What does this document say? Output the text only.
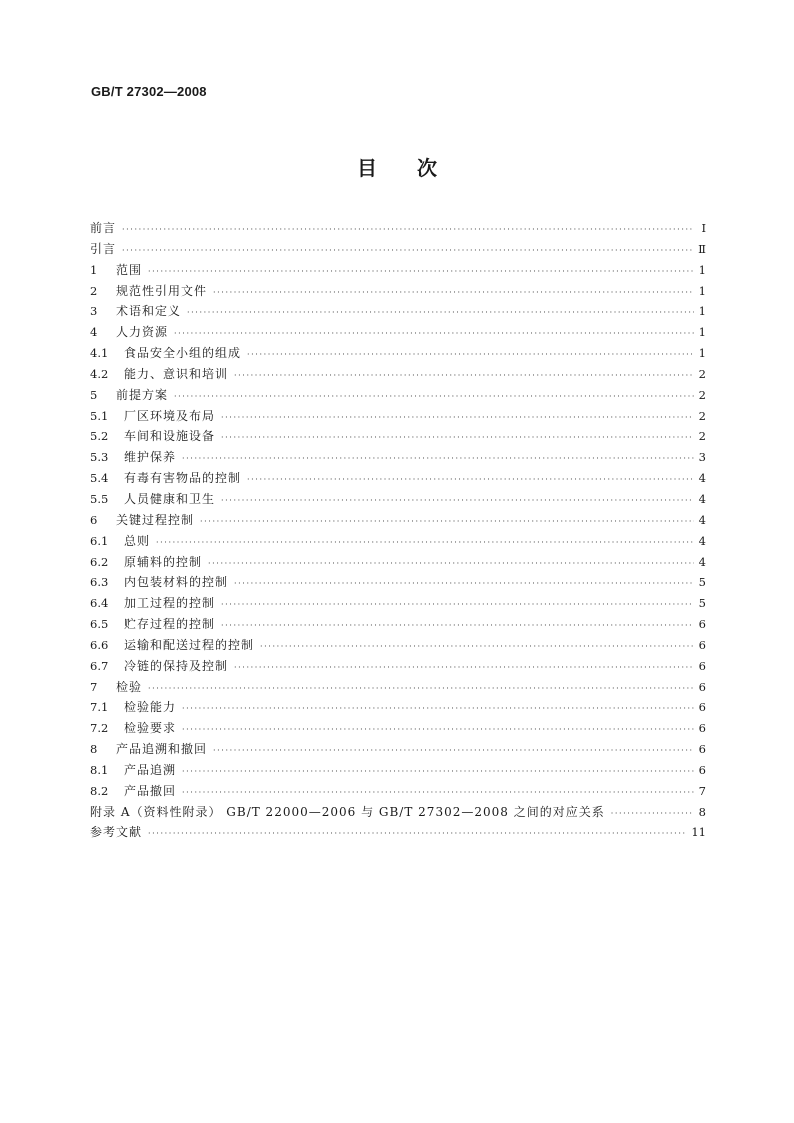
GB/T 27302—2008
目次
前言 ·····	Ⅰ
引言 ·····	Ⅱ
1	范围 ·····	1
2	规范性引用文件 ·····	1
3	术语和定义 ·····	1
4	人力资源 ·····	1
4.1	食品安全小组的组成 ·····	1
4.2	能力、意识和培训 ·····	2
5	前提方案 ·····	2
5.1	厂区环境及布局 ·····	2
5.2	车间和设施设备 ·····	2
5.3	维护保养 ·····	3
5.4	有毒有害物品的控制 ·····	4
5.5	人员健康和卫生 ·····	4
6	关键过程控制 ·····	4
6.1	总则 ·····	4
6.2	原辅料的控制 ·····	4
6.3	内包装材料的控制 ·····	5
6.4	加工过程的控制 ·····	5
6.5	贮存过程的控制 ·····	6
6.6	运输和配送过程的控制 ·····	6
6.7	冷链的保持及控制 ·····	6
7	检验 ·····	6
7.1	检验能力 ·····	6
7.2	检验要求 ·····	6
8	产品追溯和撤回 ·····	6
8.1	产品追溯 ·····	6
8.2	产品撤回 ·····	7
附录 A（资料性附录） GB/T 22000—2006 与 GB/T 27302—2008 之间的对应关系 ·····	8
参考文献 ·····	11
